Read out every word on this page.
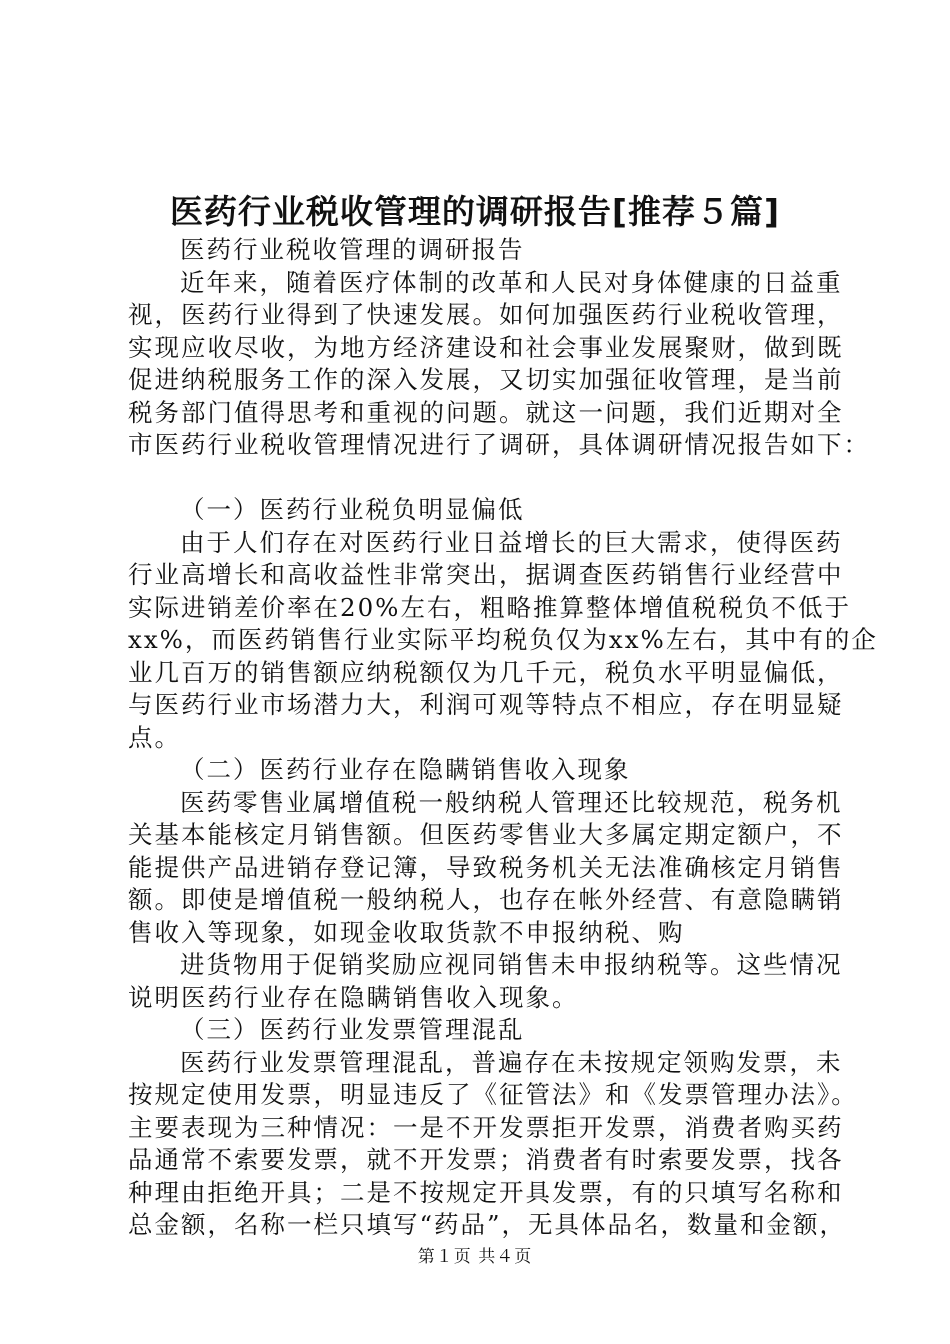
医药行业税收管理的调研报告[推荐５篇]
医药行业税收管理的调研报告
近年来，随着医疗体制的改革和人民对身体健康的日益重
视，医药行业得到了快速发展。如何加强医药行业税收管理，
实现应收尽收，为地方经济建设和社会事业发展聚财，做到既
促进纳税服务工作的深入发展，又切实加强征收管理，是当前
税务部门值得思考和重视的问题。就这一问题，我们近期对全
市医药行业税收管理情况进行了调研，具体调研情况报告如下：
（一）医药行业税负明显偏低
由于人们存在对医药行业日益增长的巨大需求，使得医药
行业高增长和高收益性非常突出，据调查医药销售行业经营中
实际进销差价率在20%左右，粗略推算整体增值税税负不低于
xx%，而医药销售行业实际平均税负仅为xx%左右，其中有的企
业几百万的销售额应纳税额仅为几千元，税负水平明显偏低，
与医药行业市场潜力大，利润可观等特点不相应，存在明显疑
点。
（二）医药行业存在隐瞒销售收入现象
医药零售业属增值税一般纳税人管理还比较规范，税务机
关基本能核定月销售额。但医药零售业大多属定期定额户，不
能提供产品进销存登记簿，导致税务机关无法准确核定月销售
额。即使是增值税一般纳税人，也存在帐外经营、有意隐瞒销
售收入等现象，如现金收取货款不申报纳税、购
进货物用于促销奖励应视同销售未申报纳税等。这些情况
说明医药行业存在隐瞒销售收入现象。
（三）医药行业发票管理混乱
医药行业发票管理混乱，普遍存在未按规定领购发票，未
按规定使用发票，明显违反了《征管法》和《发票管理办法》。
主要表现为三种情况：一是不开发票拒开发票，消费者购买药
品通常不索要发票，就不开发票；消费者有时索要发票，找各
种理由拒绝开具；二是不按规定开具发票，有的只填写名称和
总金额，名称一栏只填写“药品”，无具体品名，数量和金额，
第１页 共４页
